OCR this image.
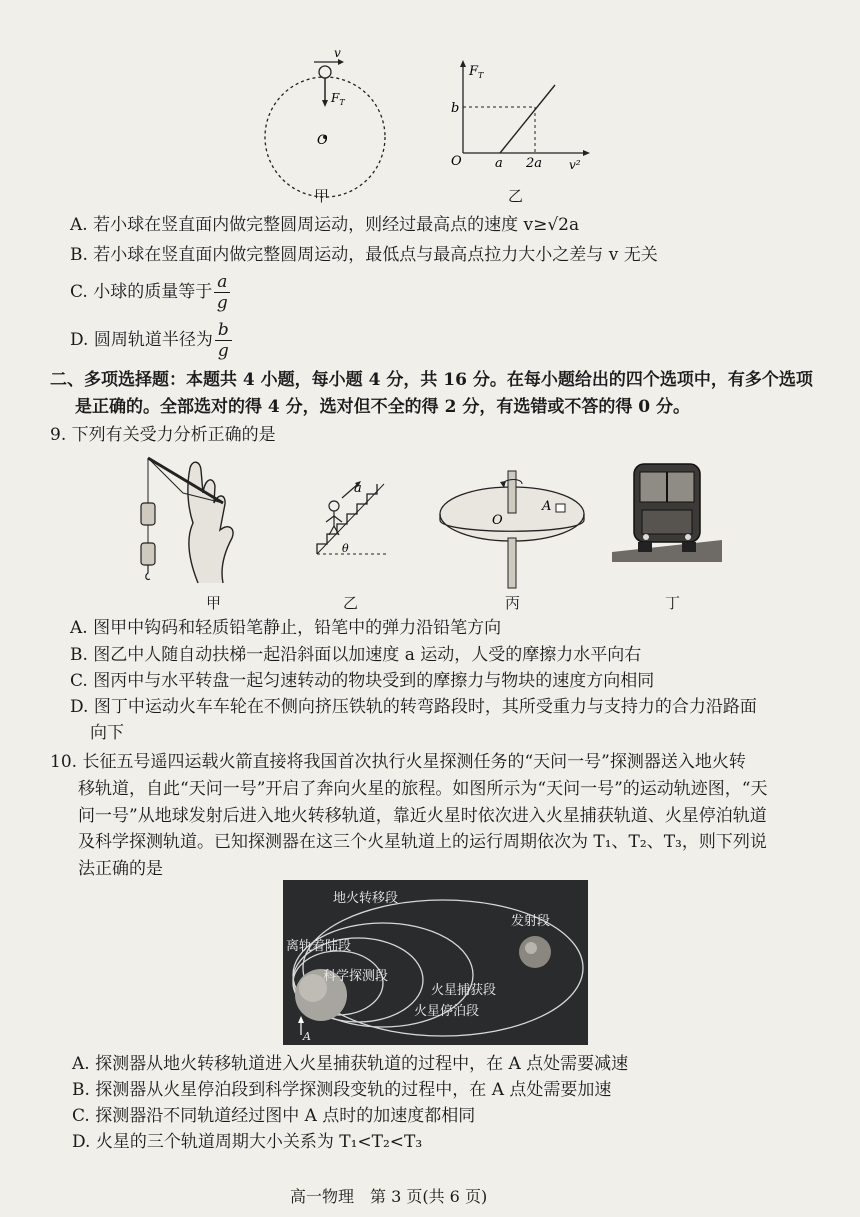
v
$F_T$
O
甲
$F_T$
b
O	a 2a v²
乙
A. 若小球在竖直面内做完整圆周运动，则经过最高点的速度 v≥√2a
B. 若小球在竖直面内做完整圆周运动，最低点与最高点拉力大小之差与 v 无关
C. 小球的质量等于 $\frac{a}{g}$
D. 圆周轨道半径为 $\frac{b}{g}$
二、多项选择题：本题共 4 小题，每小题 4 分，共 16 分。在每小题给出的四个选项中，有多个选项
是正确的。全部选对的得 4 分，选对但不全的得 2 分，有选错或不答的得 0 分。
9. 下列有关受力分析正确的是
甲
a
θ
乙
O
A
丙	丁
A. 图甲中钩码和轻质铅笔静止，铅笔中的弹力沿铅笔方向
B. 图乙中人随自动扶梯一起沿斜面以加速度 a 运动，人受的摩擦力水平向右
C. 图丙中与水平转盘一起匀速转动的物块受到的摩擦力与物块的速度方向相同
D. 图丁中运动火车车轮在不侧向挤压铁轨的转弯路段时，其所受重力与支持力的合力沿路面
向下
10. 长征五号遥四运载火箭直接将我国首次执行火星探测任务的“天问一号”探测器送入地火转
移轨道，自此“天问一号”开启了奔向火星的旅程。如图所示为“天问一号”的运动轨迹图，“天
问一号”从地球发射后进入地火转移轨道，靠近火星时依次进入火星捕获轨道、火星停泊轨道
及科学探测轨道。已知探测器在这三个火星轨道上的运行周期依次为 T₁、T₂、T₃，则下列说
法正确的是
地火转移段
发射段
离轨着陆段
科学探测段
火星捕获段
火星停泊段
A
A. 探测器从地火转移轨道进入火星捕获轨道的过程中，在 A 点处需要减速
B. 探测器从火星停泊段到科学探测段变轨的过程中，在 A 点处需要加速
C. 探测器沿不同轨道经过图中 A 点时的加速度都相同
D. 火星的三个轨道周期大小关系为 T₁<T₂<T₃
高一物理　第 3 页(共 6 页)
